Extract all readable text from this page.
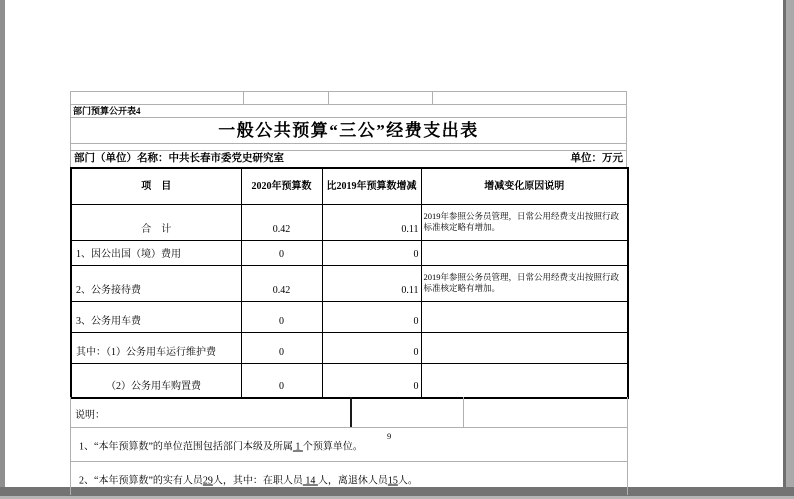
部门预算公开表4
一般公共预算“三公”经费支出表
部门（单位）名称：中共长春市委党史研究室	单位：万元
项　目	2020年预算数	比2019年预算数增减	增减变化原因说明
合　计	0.42	0.11	2019年参照公务员管理，日常公用经费支出按照行政标准核定略有增加。
1、因公出国（境）费用	0	0	
2、公务接待费	0.42	0.11	2019年参照公务员管理，日常公用经费支出按照行政标准核定略有增加。
3、公务用车费	0	0	
其中：（1）公务用车运行维护费	0	0	
（2）公务用车购置费	0	0	
说明：
9
1、“本年预算数”的单位范围包括部门本级及所属 1 个预算单位。
2、“本年预算数”的实有人员29人，其中：在职人员 14 人，离退休人员15人。
